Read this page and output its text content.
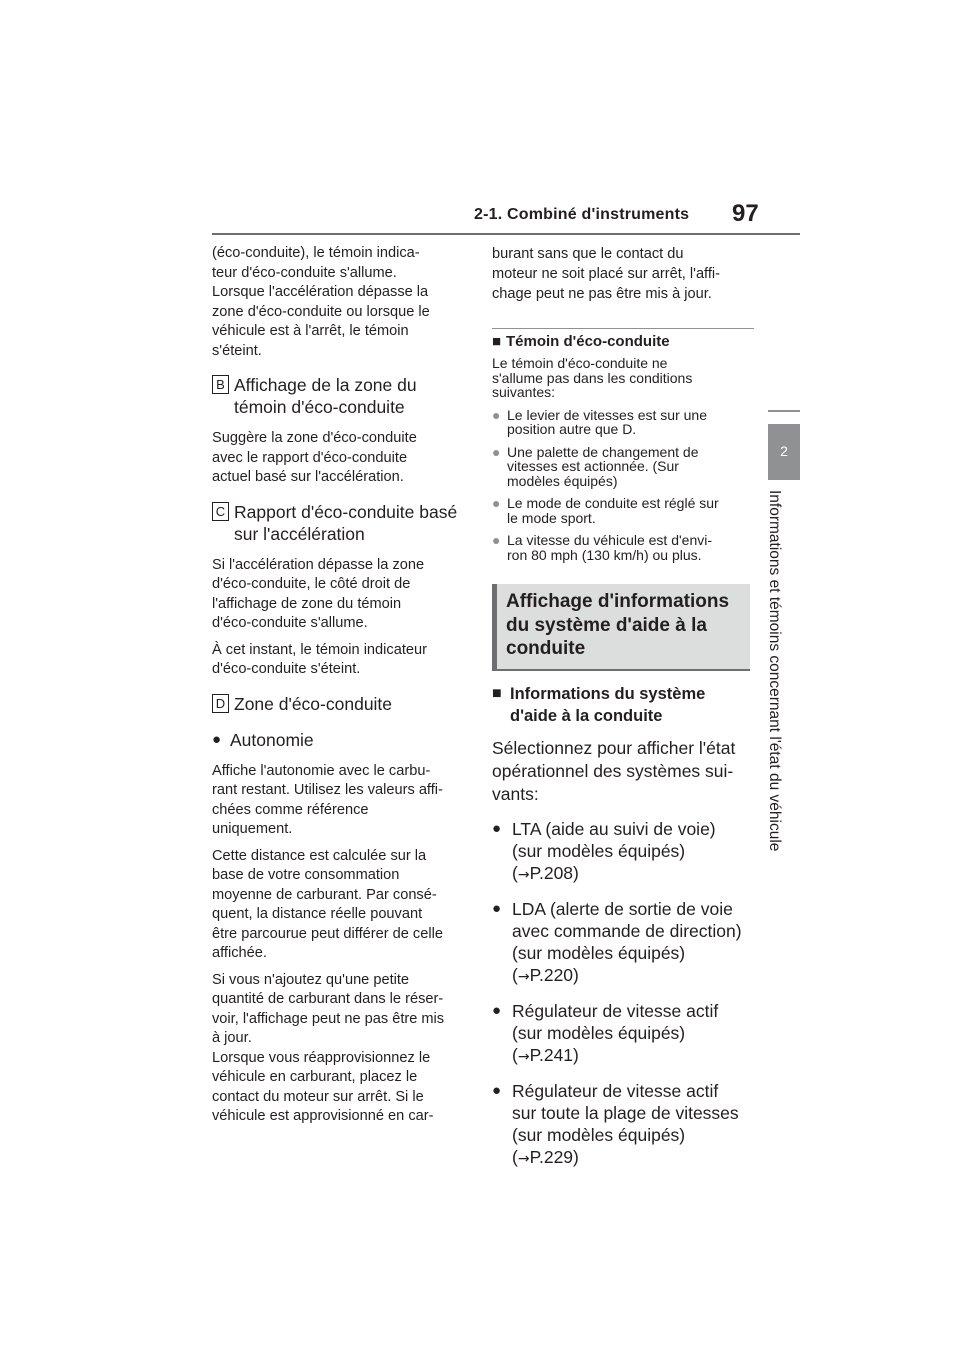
2-1. Combiné d'instruments 97
2
Informations et témoins concernant l'état du véhicule

(éco-conduite), le témoin indica-
teur d'éco-conduite s'allume.
Lorsque l'accélération dépasse la
zone d'éco-conduite ou lorsque le
véhicule est à l'arrêt, le témoin
s'éteint.

B Affichage de la zone du
témoin d'éco-conduite

Suggère la zone d'éco-conduite
avec le rapport d'éco-conduite
actuel basé sur l'accélération.

C Rapport d'éco-conduite basé
sur l'accélération

Si l'accélération dépasse la zone
d'éco-conduite, le côté droit de
l'affichage de zone du témoin
d'éco-conduite s'allume.

À cet instant, le témoin indicateur
d'éco-conduite s'éteint.

D Zone d'éco-conduite
● Autonomie

Affiche l'autonomie avec le carbu-
rant restant. Utilisez les valeurs affi-
chées comme référence
uniquement.

Cette distance est calculée sur la
base de votre consommation
moyenne de carburant. Par consé-
quent, la distance réelle pouvant
être parcourue peut différer de celle
affichée.

Si vous n'ajoutez qu'une petite
quantité de carburant dans le réser-
voir, l'affichage peut ne pas être mis
à jour.
Lorsque vous réapprovisionnez le
véhicule en carburant, placez le
contact du moteur sur arrêt. Si le
véhicule est approvisionné en car-

burant sans que le contact du
moteur ne soit placé sur arrêt, l'affi-
chage peut ne pas être mis à jour.

■ Témoin d'éco-conduite

Le témoin d'éco-conduite ne
s'allume pas dans les conditions
suivantes:

● Le levier de vitesses est sur une
position autre que D.
● Une palette de changement de
vitesses est actionnée. (Sur
modèles équipés)
● Le mode de conduite est réglé sur
le mode sport.
● La vitesse du véhicule est d'envi-
ron 80 mph (130 km/h) ou plus.
Affichage d'informations
du système d'aide à la
conduite
■ Informations du système
d'aide à la conduite
Sélectionnez pour afficher l'état
opérationnel des systèmes sui-
vants:
● LTA (aide au suivi de voie)
(sur modèles équipés)
(→P.208)
● LDA (alerte de sortie de voie
avec commande de direction)
(sur modèles équipés)
(→P.220)
● Régulateur de vitesse actif
(sur modèles équipés)
(→P.241)
● Régulateur de vitesse actif
sur toute la plage de vitesses
(sur modèles équipés)
(→P.229)
